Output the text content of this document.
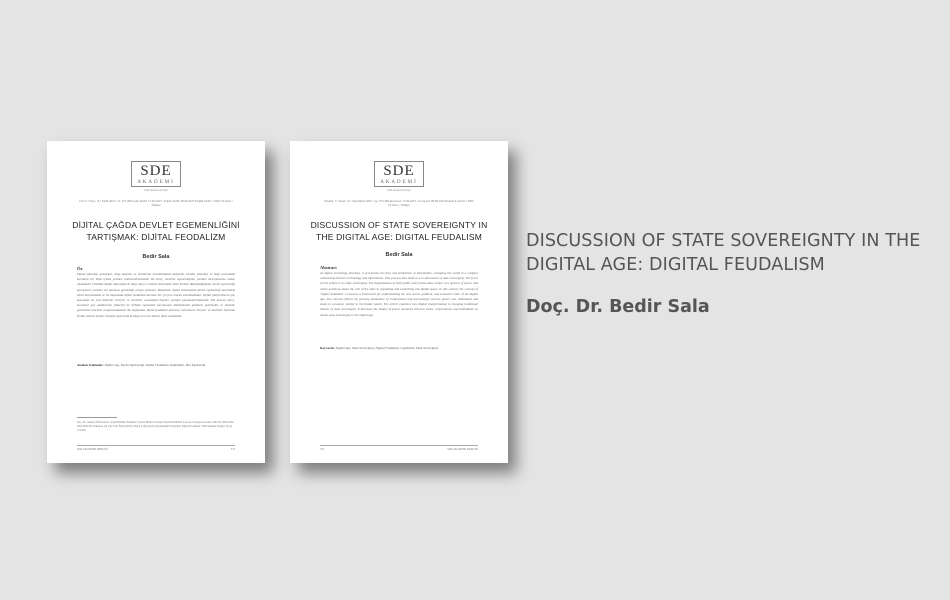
SDE
AKADEMİ
SDE Akademi Dergisi
Cilt: 5 • Sayı: 14 • Eylül 2025 • ss. 373-399 Geliş Tarihi: 17.06.2025 • Kabul Tarihi: 08.09.2025 Erişim Tarihi: • DOI: 10.3xxx • Türkiye
DİJİTAL ÇAĞDA DEVLET EGEMENLİĞİNİ TARTIŞMAK: DİJİTAL FEODALİZM
Bedir Sala
Öz
Dijital teknoloji gelişirken, bilgi akışının ve üretiminin örüntüsündeki değişimle birlikte teknoloji ve bilgi arasındaki karmaşık bir ilişki içinde yeniden şekillendirmektedir. Bu süreç, devletin egemenliğinin yeniden tartışılmasına neden olmaktadır. Özellikle dijital teknolojilerin bilgi, akış ve üretimi üzerindeki etkisi birlikte düşünüldüğünde, devlet egemenliği kavramının yeniden ele alınması gerekliliği ortaya çıkmıştır. Makalede, dijital teknolojinin devlet egemenliği üzerindeki etkisi tartışılmakta ve bu kapsamda dijital feodalizm kavramı bir çerçeve olarak sunulmaktadır. Dijital platformların güç kazandığı bu yeni düzende, bireyler ve devletler arasındaki ilişkiler yeniden yapılandırılmaktadır. Söz konusu süreç, kurumsal güç odaklarının yükselişi ile birlikte egemenlik kavramının dönüşümünü gündeme getirmekte ve devletin geleneksel otoritesi sorgulanmaktadır. Bu bağlamda, dijital feodalizm kavramı, kurumların bireyler ve devletler üzerinde feodal sisteme benzer biçimde egemenlik kurduğu yeni bir düzeni ifade etmektedir.
Anahtar Kelimeler: Dijital Çağ, Devlet Egemenliği, Dijital Feodalizm, Kapitalizm, Yeni Egemenlik.
Doç. Dr., Sakarya Üniversitesi, Sosyal Bilimler Fakültesi, Siyaset Bilimi ve Kamu Yönetimi Bölümü. E-posta: bsala@xxxx.edu.tr ORCID: 0000-0000-0000-0000. Bu makaleye atıf için: Sala, Bedir (2025). Dijital Çağda Devlet Egemenliğini Tartışmak: Dijital Feodalizm. SDE Akademi Dergisi, 5(14), 373-399.
SDE AKADEMİ DERGİSİ	373
SDE
AKADEMİ
SDE Akademi Dergisi
Volume: 5 • Issue: 14 • September 2025 • pp. 373-399 Received: 17.06.2025 • Accepted: 08.09.2025 Research Article • DOI: 10.3xxx • Türkiye
DISCUSSION OF STATE SOVEREIGNTY IN THE DIGITAL AGE: DIGITAL FEUDALISM
Bedir Sala
Abstract
As digital technology develops, it accelerates the flow and production of information, reshaping the world in a complex relationship between technology and information. This process also leads to a re-discussion of state sovereignty. The focus of this article is on state sovereignty. The digitalization of both public and private data creates new spheres of power and raises questions about the role of the state in regulating and controlling this digital space. In this context, the concept of "digital feudalism" is used as a framework for understanding the new social, political, and economic order of the digital age. The concept reflects the growing dominance of corporations that increasingly exercise power over individuals and states in a manner similar to the feudal system. The article examines how digital transformation is changing traditional notions of state sovereignty. It discusses the impact of power dynamics between states, corporations, and individuals on nation-state sovereignty in the digital age.
Keywords: Digital Age, State Sovereignty, Digital Feudalism, Capitalism, Data Sovereignty.
374	SDE AKADEMİ DERGİSİ
DISCUSSION OF STATE SOVEREIGNTY IN THE DIGITAL AGE: DIGITAL FEUDALISM
Doç. Dr. Bedir Sala
